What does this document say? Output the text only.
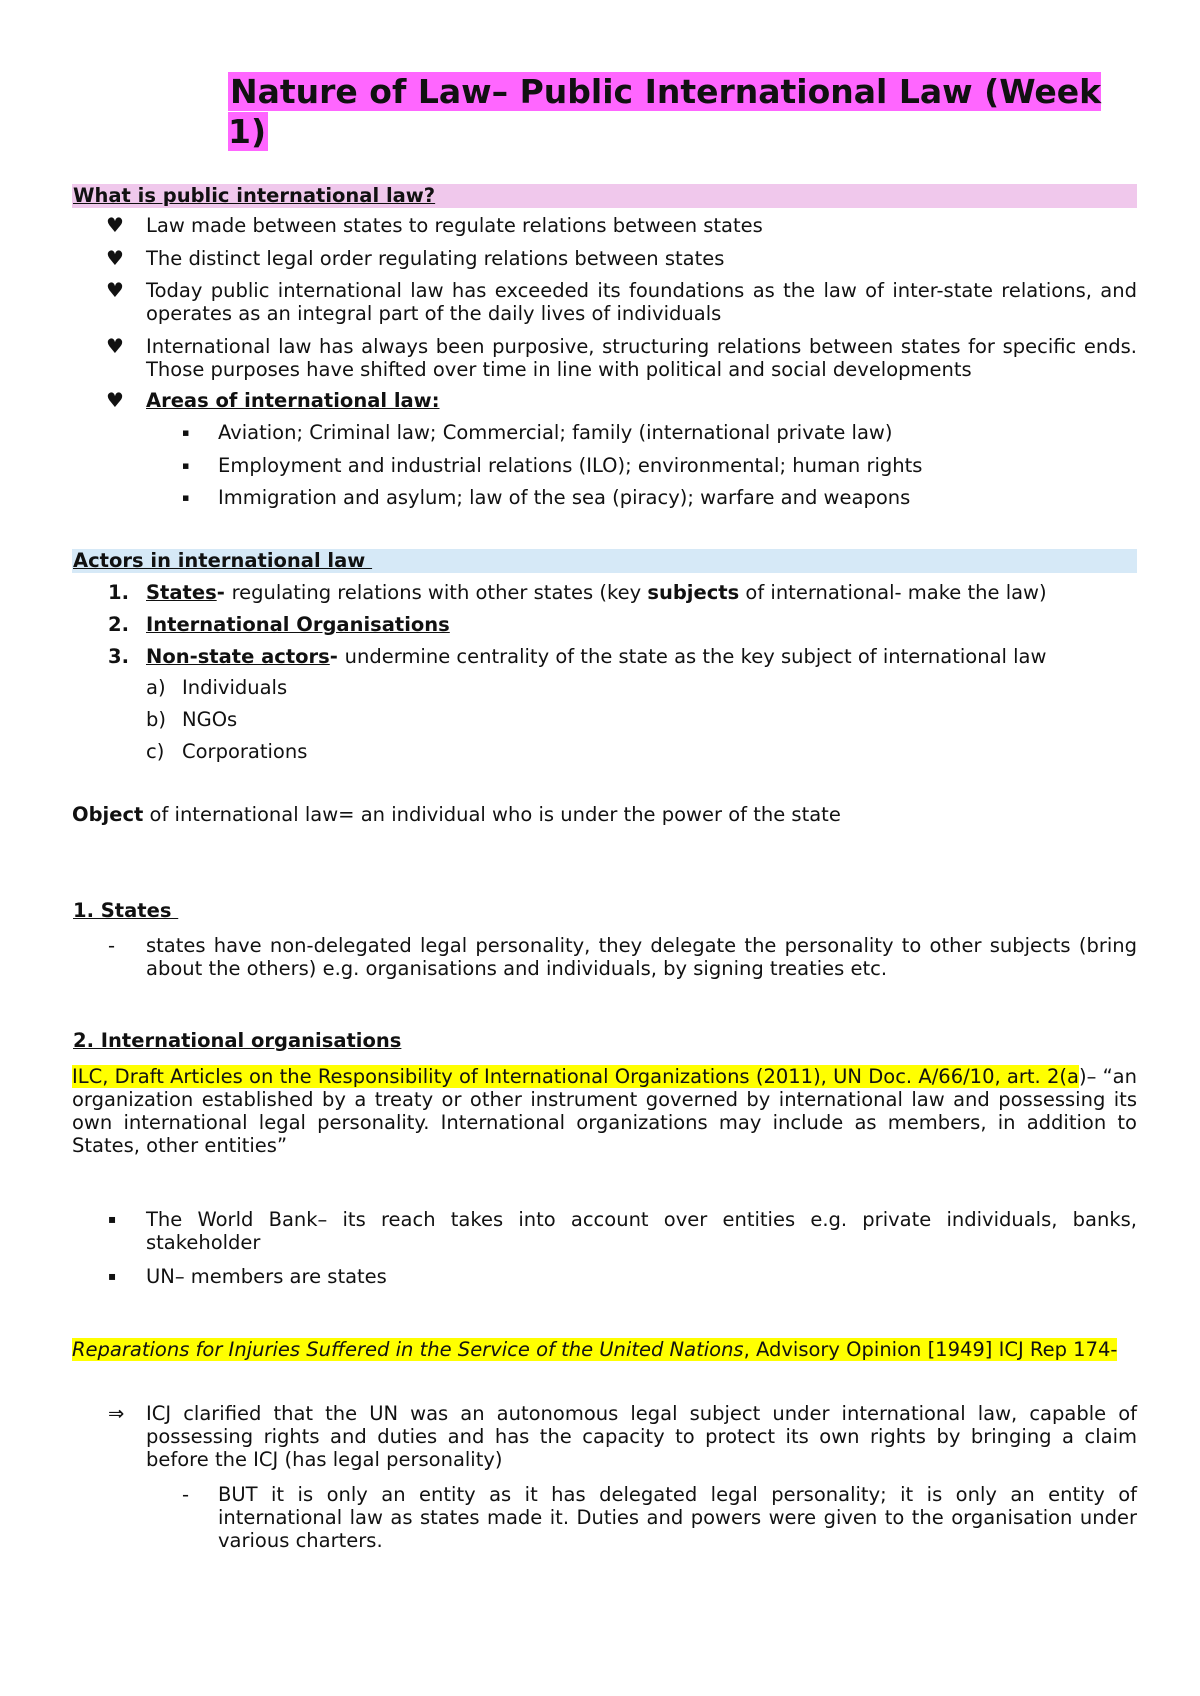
Nature of Law– Public International Law (Week 1)
What is public international law?
♥ Law made between states to regulate relations between states
♥ The distinct legal order regulating relations between states
♥ Today public international law has exceeded its foundations as the law of inter-state relations, and operates as an integral part of the daily lives of individuals
♥ International law has always been purposive, structuring relations between states for specific ends. Those purposes have shifted over time in line with political and social developments
♥ Areas of international law:
▪ Aviation; Criminal law; Commercial; family (international private law)
▪ Employment and industrial relations (ILO); environmental; human rights
▪ Immigration and asylum; law of the sea (piracy); warfare and weapons
Actors in international law
1. States- regulating relations with other states (key subjects of international- make the law)
2. International Organisations
3. Non-state actors- undermine centrality of the state as the key subject of international law
a) Individuals
b) NGOs
c) Corporations
Object of international law= an individual who is under the power of the state
1. States
- states have non-delegated legal personality, they delegate the personality to other subjects (bring about the others) e.g. organisations and individuals, by signing treaties etc.
2. International organisations
ILC, Draft Articles on the Responsibility of International Organizations (2011), UN Doc. A/66/10, art. 2(a)– “an organization established by a treaty or other instrument governed by international law and possessing its own international legal personality. International organizations may include as members, in addition to States, other entities”
▪ The World Bank– its reach takes into account over entities e.g. private individuals, banks, stakeholder
▪ UN– members are states
Reparations for Injuries Suffered in the Service of the United Nations, Advisory Opinion [1949] ICJ Rep 174-
⇒ ICJ clarified that the UN was an autonomous legal subject under international law, capable of possessing rights and duties and has the capacity to protect its own rights by bringing a claim before the ICJ (has legal personality)
- BUT it is only an entity as it has delegated legal personality; it is only an entity of international law as states made it. Duties and powers were given to the organisation under various charters.
